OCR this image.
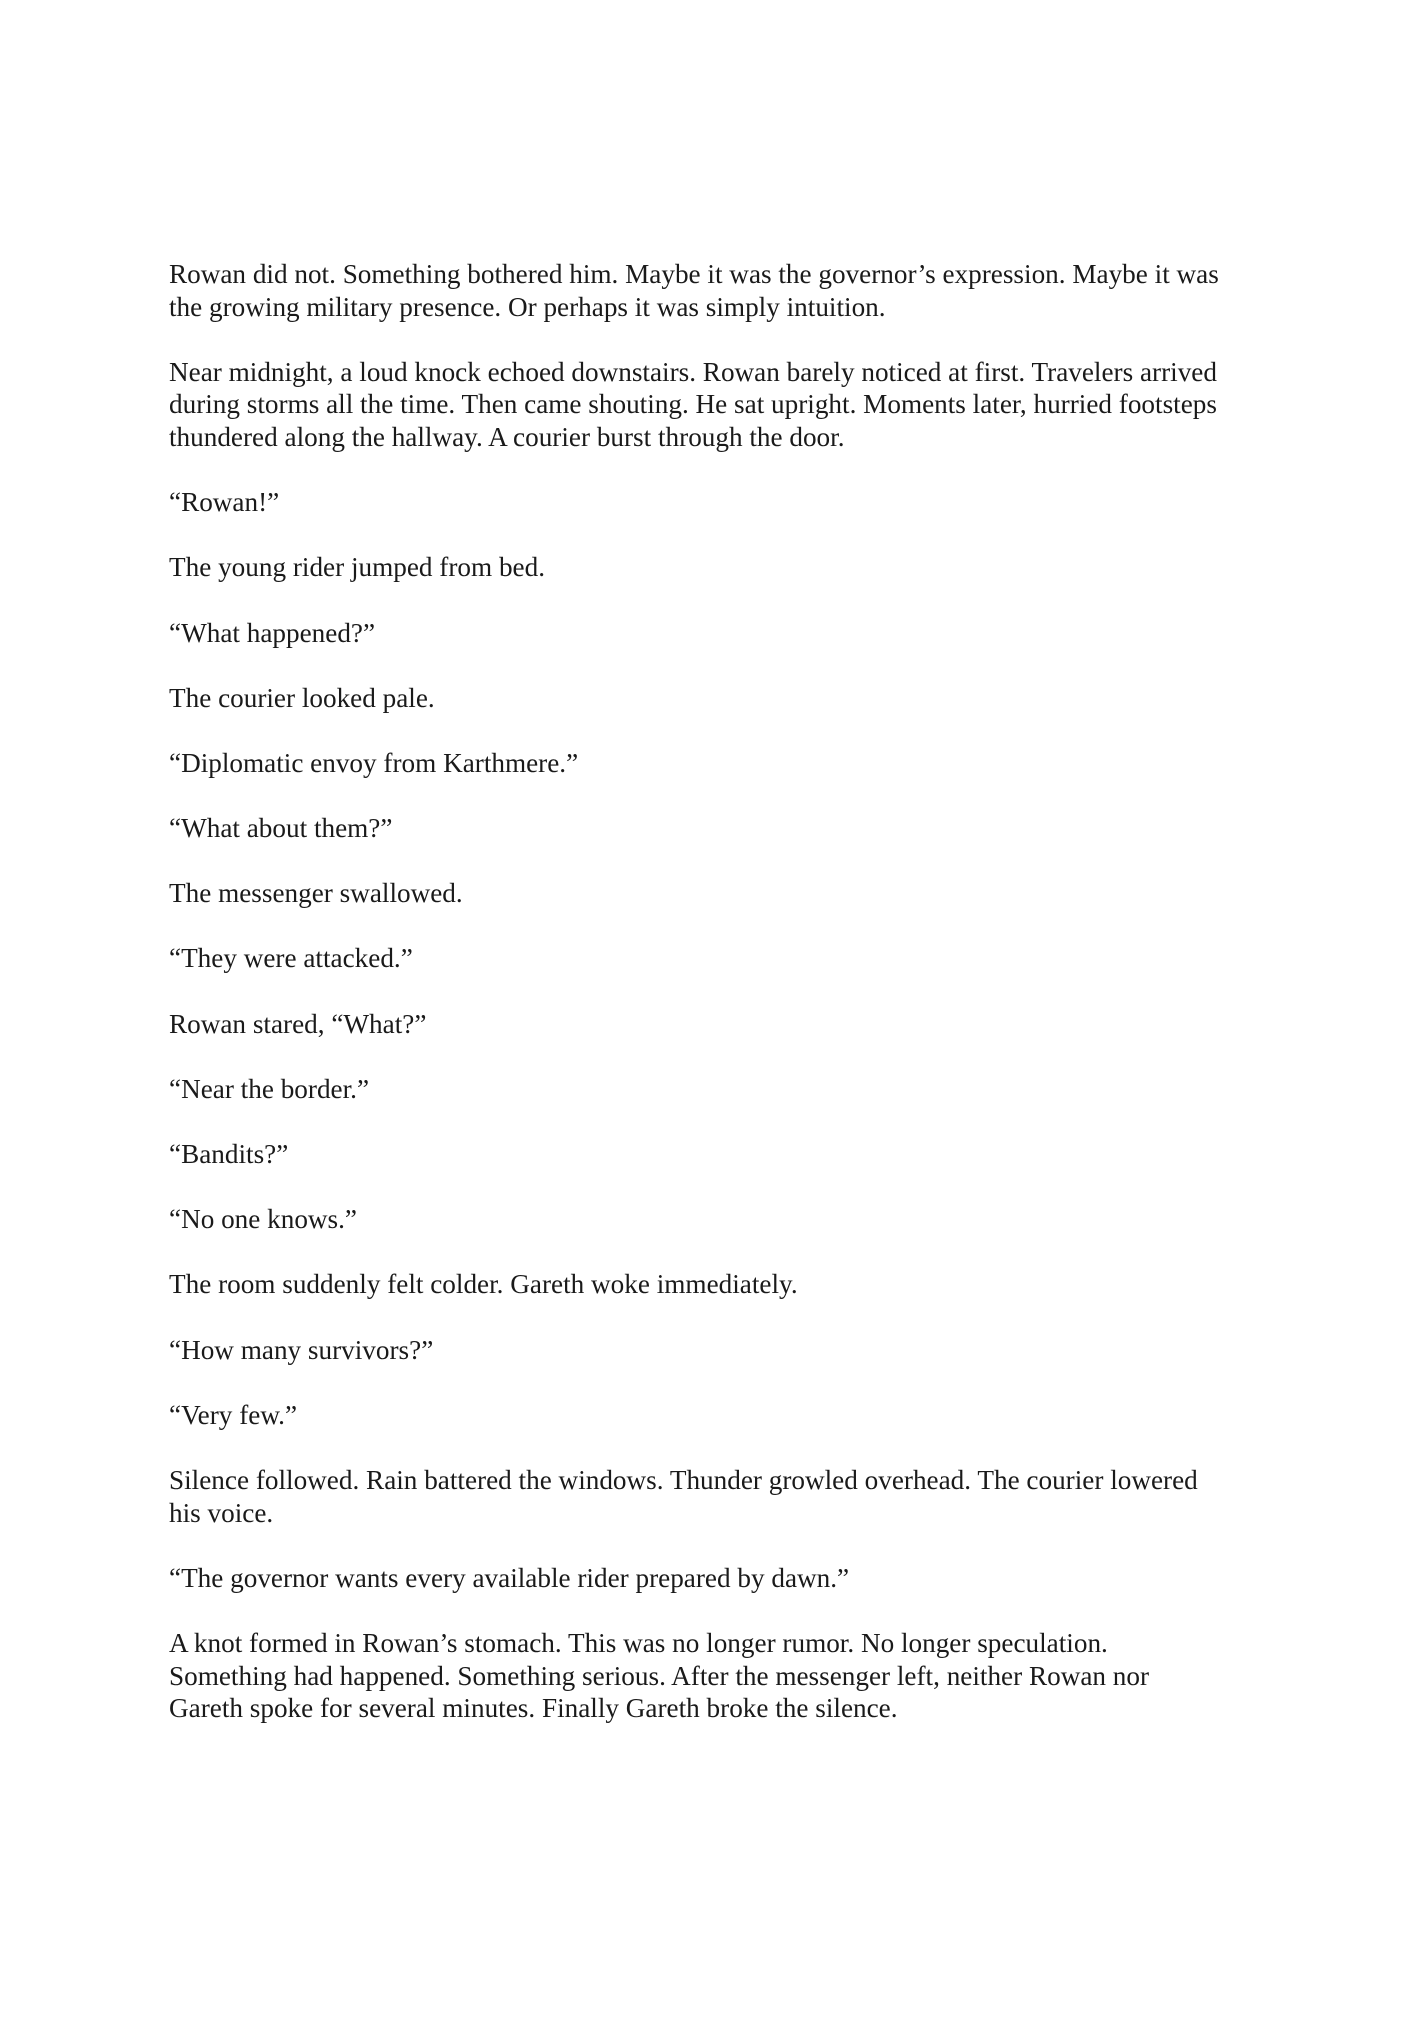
Rowan did not. Something bothered him. Maybe it was the governor’s expression. Maybe it was
the growing military presence. Or perhaps it was simply intuition.

Near midnight, a loud knock echoed downstairs. Rowan barely noticed at first. Travelers arrived
during storms all the time. Then came shouting. He sat upright. Moments later, hurried footsteps
thundered along the hallway. A courier burst through the door.

“Rowan!”

The young rider jumped from bed.

“What happened?”

The courier looked pale.

“Diplomatic envoy from Karthmere.”

“What about them?”

The messenger swallowed.

“They were attacked.”

Rowan stared, “What?”

“Near the border.”

“Bandits?”

“No one knows.”

The room suddenly felt colder. Gareth woke immediately.

“How many survivors?”

“Very few.”

Silence followed. Rain battered the windows. Thunder growled overhead. The courier lowered
his voice.

“The governor wants every available rider prepared by dawn.”

A knot formed in Rowan’s stomach. This was no longer rumor. No longer speculation.
Something had happened. Something serious. After the messenger left, neither Rowan nor
Gareth spoke for several minutes. Finally Gareth broke the silence.
